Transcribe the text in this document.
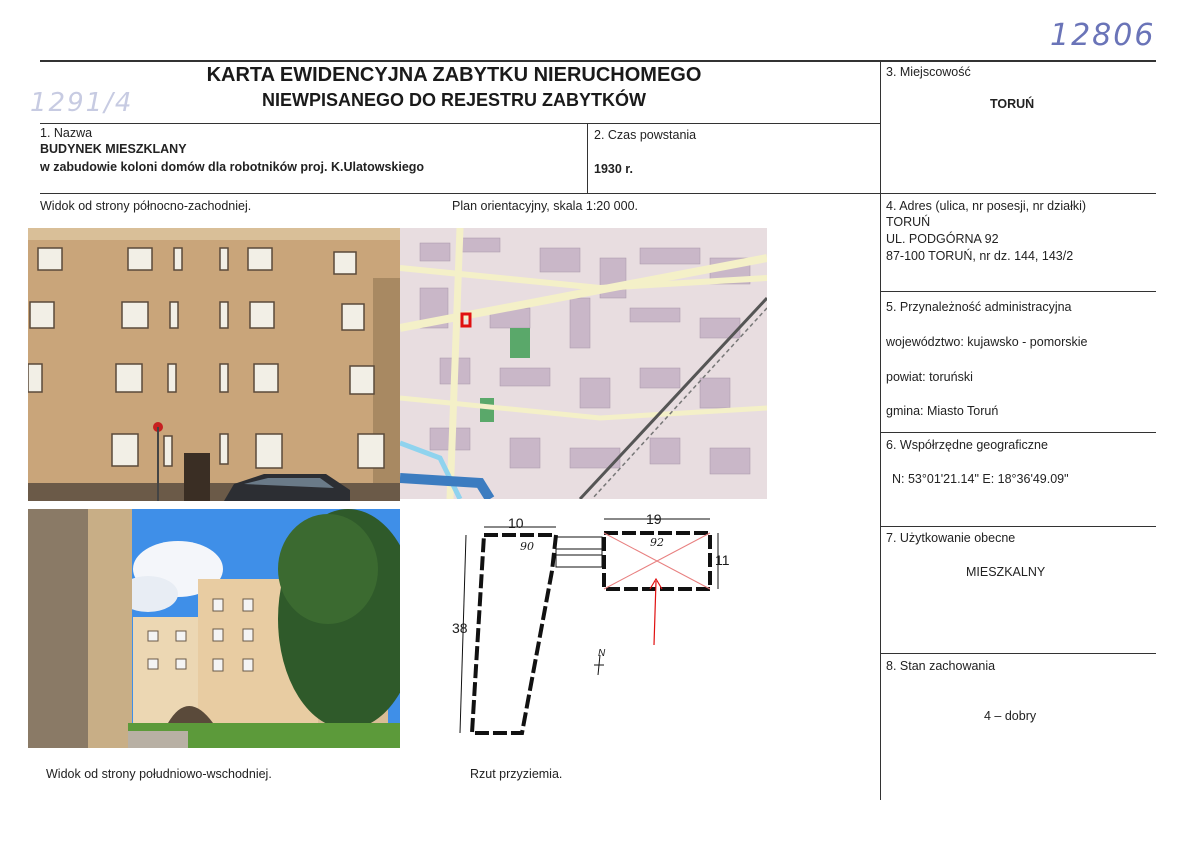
12806
1291/4
KARTA EWIDENCYJNA ZABYTKU NIERUCHOMEGO
NIEWPISANEGO DO REJESTRU ZABYTKÓW
1. Nazwa
BUDYNEK MIESZKLANY
w zabudowie koloni domów dla robotników proj. K.Ulatowskiego
2. Czas powstania
1930 r.
3. Miejscowość
TORUŃ
4. Adres (ulica, nr posesji, nr działki)
TORUŃ
UL. PODGÓRNA 92
87-100 TORUŃ, nr dz. 144, 143/2
5. Przynależność administracyjna
województwo: kujawsko - pomorskie
powiat: toruński
gmina: Miasto Toruń
6. Współrzędne geograficzne
N: 53°01'21.14" E: 18°36'49.09"
7. Użytkowanie obecne
MIESZKALNY
8. Stan zachowania
4 – dobry
Widok od strony północno-zachodniej.	Plan orientacyjny, skala 1:20 000.
Widok od strony południowo-wschodniej.	Rzut przyziemia.
10	19
38
11
90	92
N
